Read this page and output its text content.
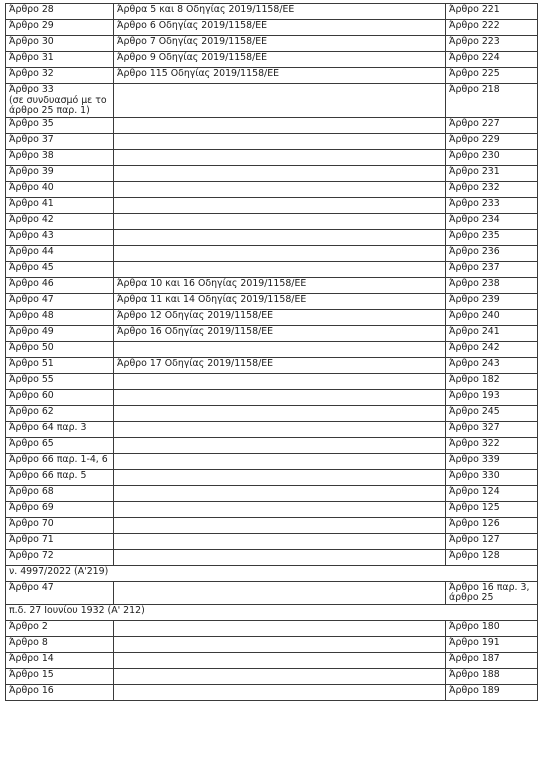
Άρθρο 28	Άρθρα 5 και 8 Οδηγίας 2019/1158/ΕΕ	Άρθρο 221
Άρθρο 29	Άρθρο 6 Οδηγίας 2019/1158/ΕΕ	Άρθρο 222
Άρθρο 30	Άρθρο 7 Οδηγίας 2019/1158/ΕΕ	Άρθρο 223
Άρθρο 31	Άρθρο 9 Οδηγίας 2019/1158/ΕΕ	Άρθρο 224
Άρθρο 32	Άρθρο 115 Οδηγίας 2019/1158/ΕΕ	Άρθρο 225
Άρθρο 33
(σε συνδυασμό με το
άρθρο 25 παρ. 1)		Άρθρο 218
Άρθρο 35		Άρθρο 227
Άρθρο 37		Άρθρο 229
Άρθρο 38		Άρθρο 230
Άρθρο 39		Άρθρο 231
Άρθρο 40		Άρθρο 232
Άρθρο 41		Άρθρο 233
Άρθρο 42		Άρθρο 234
Άρθρο 43		Άρθρο 235
Άρθρο 44		Άρθρο 236
Άρθρο 45		Άρθρο 237
Άρθρο 46	Άρθρα 10 και 16 Οδηγίας 2019/1158/ΕΕ	Άρθρο 238
Άρθρο 47	Άρθρα 11 και 14 Οδηγίας 2019/1158/ΕΕ	Άρθρο 239
Άρθρο 48	Άρθρο 12 Οδηγίας 2019/1158/ΕΕ	Άρθρο 240
Άρθρο 49	Άρθρο 16 Οδηγίας 2019/1158/ΕΕ	Άρθρο 241
Άρθρο 50		Άρθρο 242
Άρθρο 51	Άρθρο 17 Οδηγίας 2019/1158/ΕΕ	Άρθρο 243
Άρθρο 55		Άρθρο 182
Άρθρο 60		Άρθρο 193
Άρθρο 62		Άρθρο 245
Άρθρο 64 παρ. 3		Άρθρο 327
Άρθρο 65		Άρθρο 322
Άρθρο 66 παρ. 1-4, 6		Άρθρο 339
Άρθρο 66 παρ. 5		Άρθρο 330
Άρθρο 68		Άρθρο 124
Άρθρο 69		Άρθρο 125
Άρθρο 70		Άρθρο 126
Άρθρο 71		Άρθρο 127
Άρθρο 72		Άρθρο 128
ν. 4997/2022 (Α'219)		
Άρθρο 47		Άρθρο 16 παρ. 3,
άρθρο 25
π.δ. 27 Ιουνίου 1932 (Α' 212)		
Άρθρο 2		Άρθρο 180
Άρθρο 8		Άρθρο 191
Άρθρο 14		Άρθρο 187
Άρθρο 15		Άρθρο 188
Άρθρο 16		Άρθρο 189
